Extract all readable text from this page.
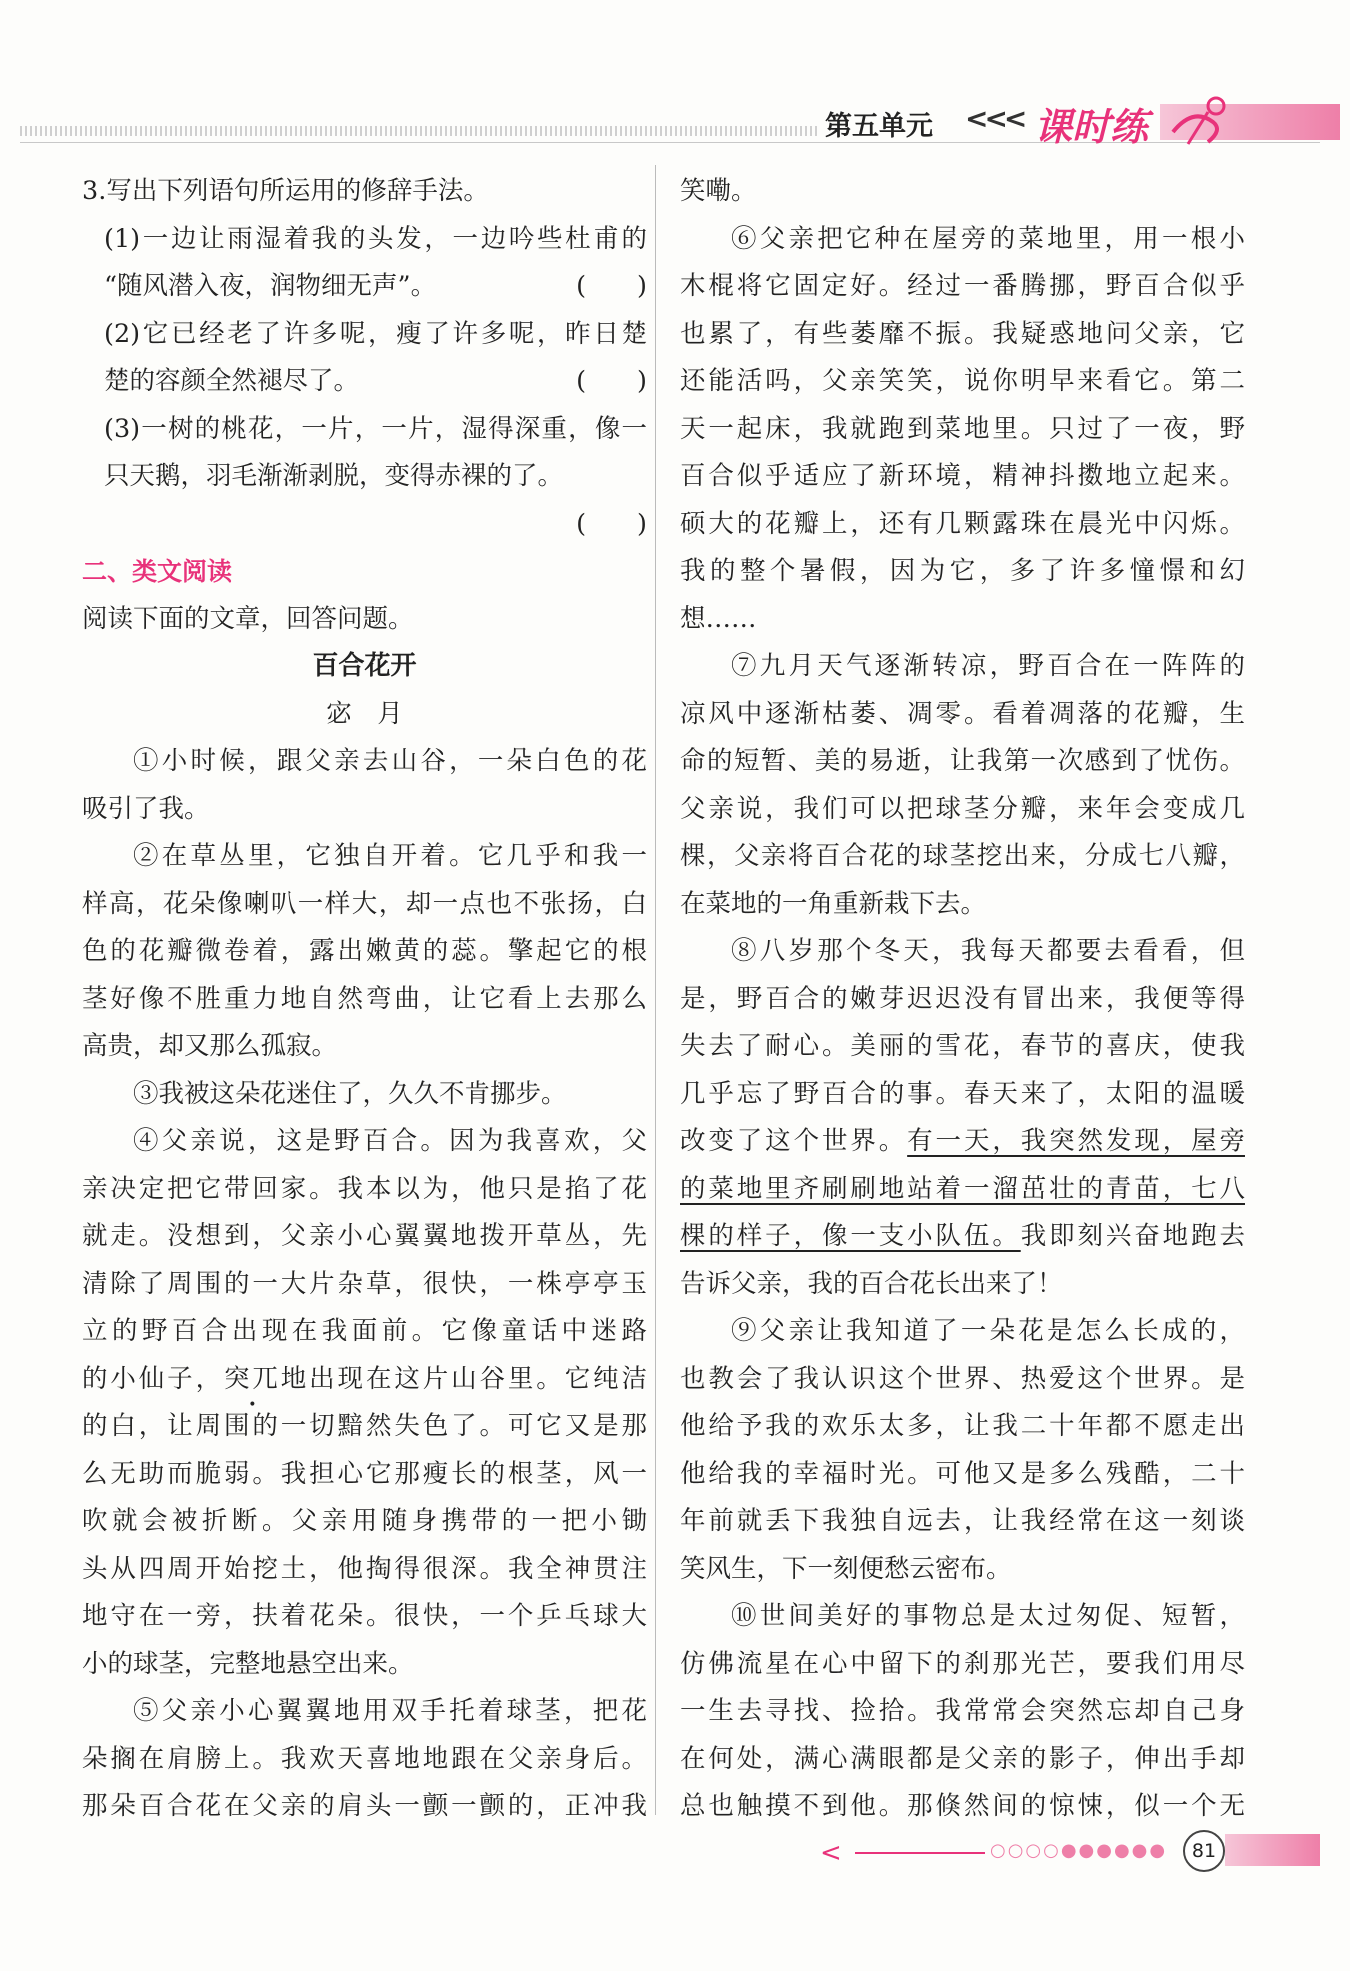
第五单元 <<< 课时练
3.写出下列语句所运用的修辞手法。
(1)一边让雨湿着我的头发，一边吟些杜甫的
“随风潜入夜，润物细无声”。	(　　)
(2)它已经老了许多呢，瘦了许多呢，昨日楚
楚的容颜全然褪尽了。	(　　)
(3)一树的桃花，一片，一片，湿得深重，像一
只天鹅，羽毛渐渐剥脱，变得赤裸的了。
(　　)
二、类文阅读
阅读下面的文章，回答问题。
百合花开
宓　月
①小时候，跟父亲去山谷，一朵白色的花
吸引了我。
②在草丛里，它独自开着。它几乎和我一
样高，花朵像喇叭一样大，却一点也不张扬，白
色的花瓣微卷着，露出嫩黄的蕊。擎起它的根
茎好像不胜重力地自然弯曲，让它看上去那么
高贵，却又那么孤寂。
③我被这朵花迷住了，久久不肯挪步。
④父亲说，这是野百合。因为我喜欢，父
亲决定把它带回家。我本以为，他只是掐了花
就走。没想到，父亲小心翼翼地拨开草丛，先
清除了周围的一大片杂草，很快，一株亭亭玉
立的野百合出现在我面前。它像童话中迷路
的小仙子，突兀地出现在这片山谷里。它纯洁
的白，让周围的一切黯然失色了。可它又是那
么无助而脆弱。我担心它那瘦长的根茎，风一
吹就会被折断。父亲用随身携带的一把小锄
头从四周开始挖土，他掏得很深。我全神贯注
地守在一旁，扶着花朵。很快，一个乒乓球大
小的球茎，完整地悬空出来。
⑤父亲小心翼翼地用双手托着球茎，把花
朵搁在肩膀上。我欢天喜地地跟在父亲身后。
那朵百合花在父亲的肩头一颤一颤的，正冲我
笑嘞。
⑥父亲把它种在屋旁的菜地里，用一根小
木棍将它固定好。经过一番腾挪，野百合似乎
也累了，有些萎靡不振。我疑惑地问父亲，它
还能活吗，父亲笑笑，说你明早来看它。第二
天一起床，我就跑到菜地里。只过了一夜，野
百合似乎适应了新环境，精神抖擞地立起来。
硕大的花瓣上，还有几颗露珠在晨光中闪烁。
我的整个暑假，因为它，多了许多憧憬和幻
想……
⑦九月天气逐渐转凉，野百合在一阵阵的
凉风中逐渐枯萎、凋零。看着凋落的花瓣，生
命的短暂、美的易逝，让我第一次感到了忧伤。
父亲说，我们可以把球茎分瓣，来年会变成几
棵，父亲将百合花的球茎挖出来，分成七八瓣，
在菜地的一角重新栽下去。
⑧八岁那个冬天，我每天都要去看看，但
是，野百合的嫩芽迟迟没有冒出来，我便等得
失去了耐心。美丽的雪花，春节的喜庆，使我
几乎忘了野百合的事。春天来了，太阳的温暖
改变了这个世界。有一天，我突然发现，屋旁
的菜地里齐刷刷地站着一溜茁壮的青苗，七八
棵的样子，像一支小队伍。我即刻兴奋地跑去
告诉父亲，我的百合花长出来了！
⑨父亲让我知道了一朵花是怎么长成的，
也教会了我认识这个世界、热爱这个世界。是
他给予我的欢乐太多，让我二十年都不愿走出
他给我的幸福时光。可他又是多么残酷，二十
年前就丢下我独自远去，让我经常在这一刻谈
笑风生，下一刻便愁云密布。
⑩世间美好的事物总是太过匆促、短暂，
仿佛流星在心中留下的刹那光芒，要我们用尽
一生去寻找、捡拾。我常常会突然忘却自己身
在何处，满心满眼都是父亲的影子，伸出手却
总也触摸不到他。那倏然间的惊悚，似一个无
<	○○○○●●●●●●	81
